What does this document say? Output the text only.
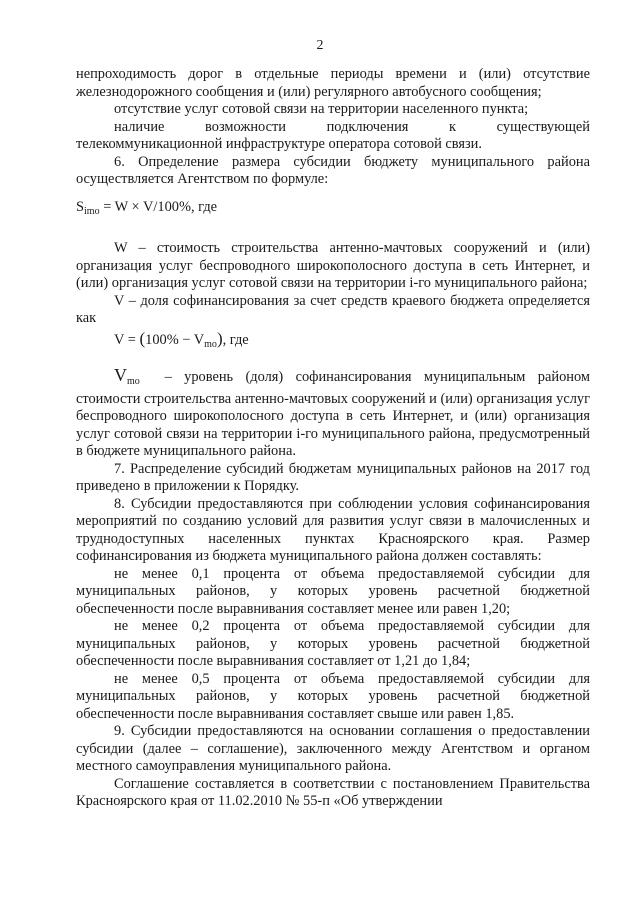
2

непроходимость дорог в отдельные периоды времени и (или) отсутствие железнодорожного сообщения и (или) регулярного автобусного сообщения;

отсутствие услуг сотовой связи на территории населенного пункта;

наличие возможности подключения к существующей телекоммуникационной инфраструктуре оператора сотовой связи.

6. Определение размера субсидии бюджету муниципального района осуществляется Агентством по формуле:

$S_{imo} = W \times V/100\%$, где

W – стоимость строительства антенно-мачтовых сооружений и (или) организация услуг беспроводного широкополосного доступа в сеть Интернет, и (или) организация услуг сотовой связи на территории i-го муниципального района;

V – доля софинансирования за счет средств краевого бюджета определяется как

$V = (100\% - V_{mo})$, где

$V_{mo}$ – уровень (доля) софинансирования муниципальным районом стоимости строительства антенно-мачтовых сооружений и (или) организация услуг беспроводного широкополосного доступа в сеть Интернет, и (или) организация услуг сотовой связи на территории i-го муниципального района, предусмотренный в бюджете муниципального района.

7. Распределение субсидий бюджетам муниципальных районов на 2017 год приведено в приложении к Порядку.

8. Субсидии предоставляются при соблюдении условия софинансирования мероприятий по созданию условий для развития услуг связи в малочисленных и труднодоступных населенных пунктах Красноярского края. Размер софинансирования из бюджета муниципального района должен составлять:

не менее 0,1 процента от объема предоставляемой субсидии для муниципальных районов, у которых уровень расчетной бюджетной обеспеченности после выравнивания составляет менее или равен 1,20;

не менее 0,2 процента от объема предоставляемой субсидии для муниципальных районов, у которых уровень расчетной бюджетной обеспеченности после выравнивания составляет от 1,21 до 1,84;

не менее 0,5 процента от объема предоставляемой субсидии для муниципальных районов, у которых уровень расчетной бюджетной обеспеченности после выравнивания составляет свыше или равен 1,85.

9. Субсидии предоставляются на основании соглашения о предоставлении субсидии (далее – соглашение), заключенного между Агентством и органом местного самоуправления муниципального района.

Соглашение составляется в соответствии с постановлением Правительства Красноярского края от 11.02.2010 № 55-п «Об утверждении
